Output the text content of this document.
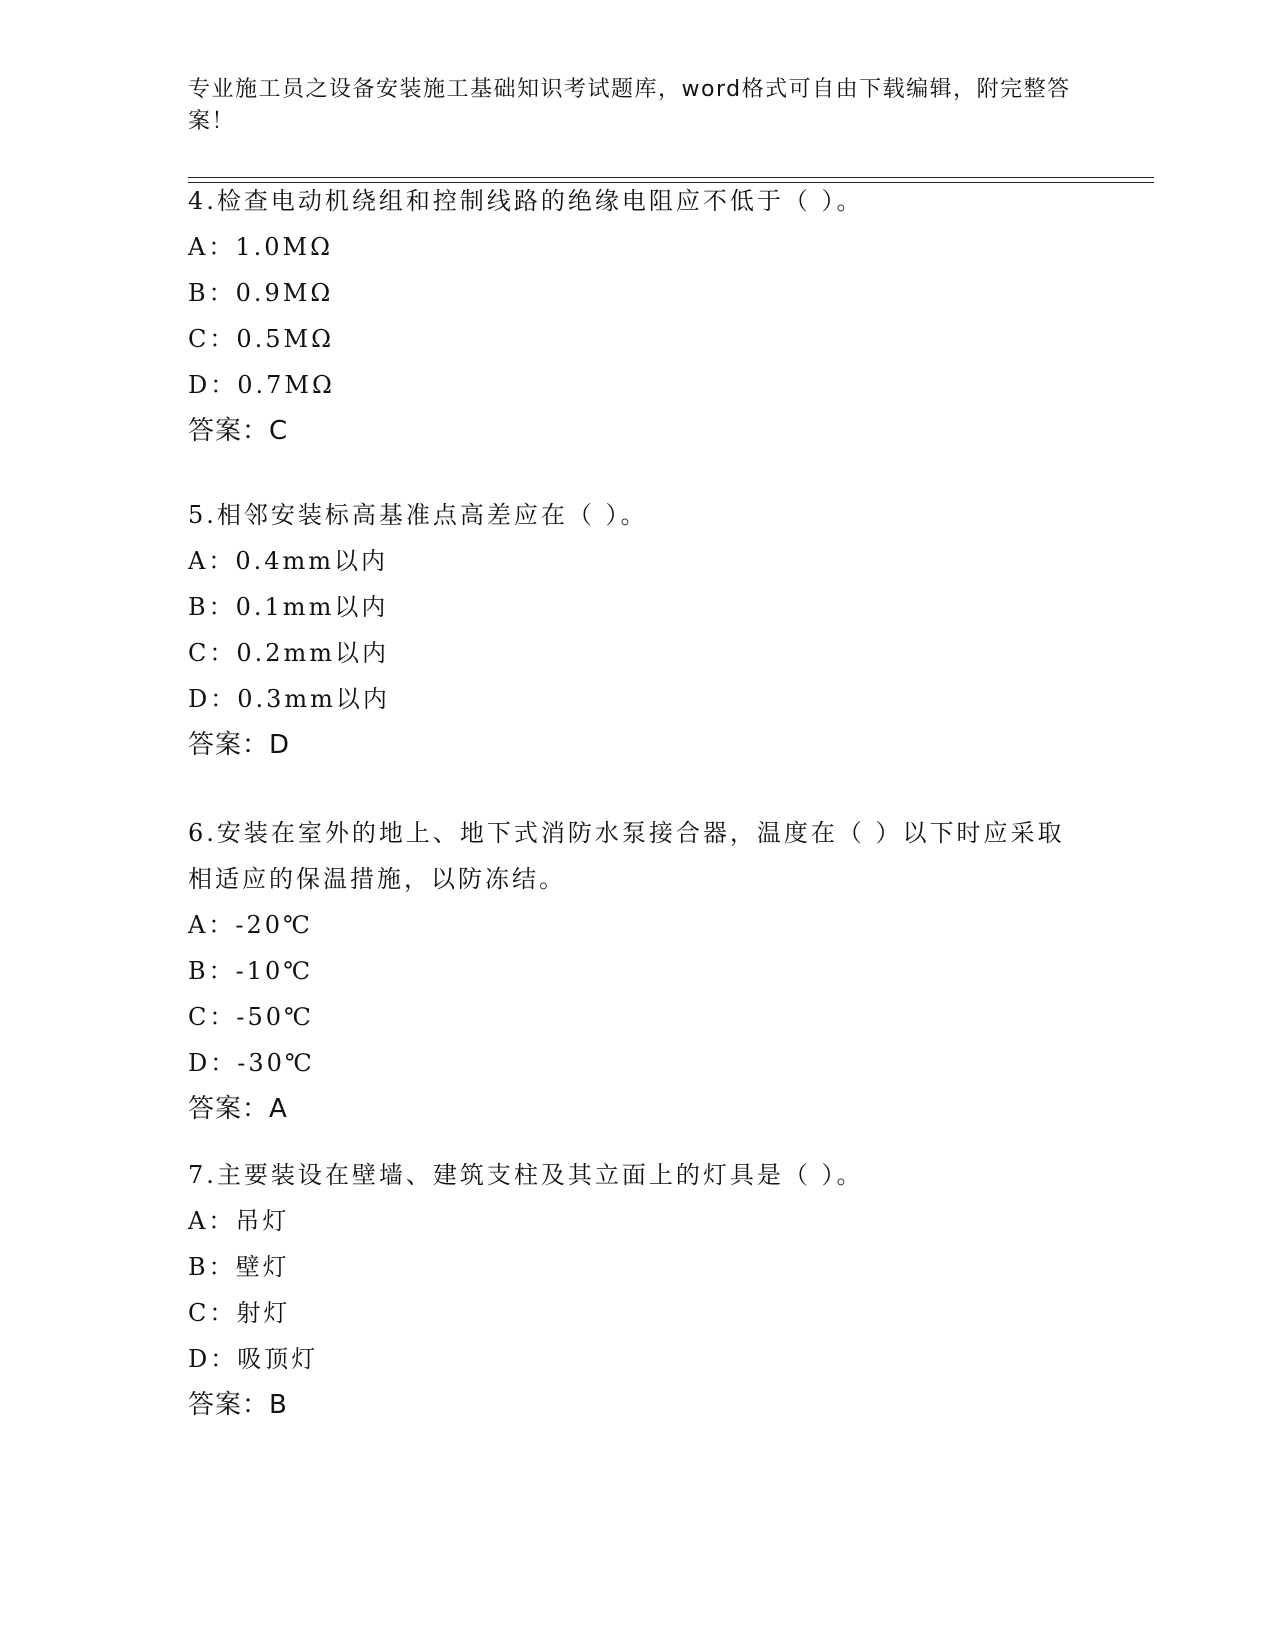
专业施工员之设备安装施工基础知识考试题库，word格式可自由下载编辑，附完整答案！

4.检查电动机绕组和控制线路的绝缘电阻应不低于（ ）。

A：1.0MΩ

B：0.9MΩ

C：0.5MΩ

D：0.7MΩ

答案：C

5.相邻安装标高基准点高差应在（ ）。

A：0.4mm以内

B：0.1mm以内

C：0.2mm以内

D：0.3mm以内

答案：D

6.安装在室外的地上、地下式消防水泵接合器，温度在（ ）以下时应采取相适应的保温措施，以防冻结。

A：-20℃

B：-10℃

C：-50℃

D：-30℃

答案：A

7.主要装设在壁墙、建筑支柱及其立面上的灯具是（ ）。

A：吊灯

B：壁灯

C：射灯

D：吸顶灯

答案：B
